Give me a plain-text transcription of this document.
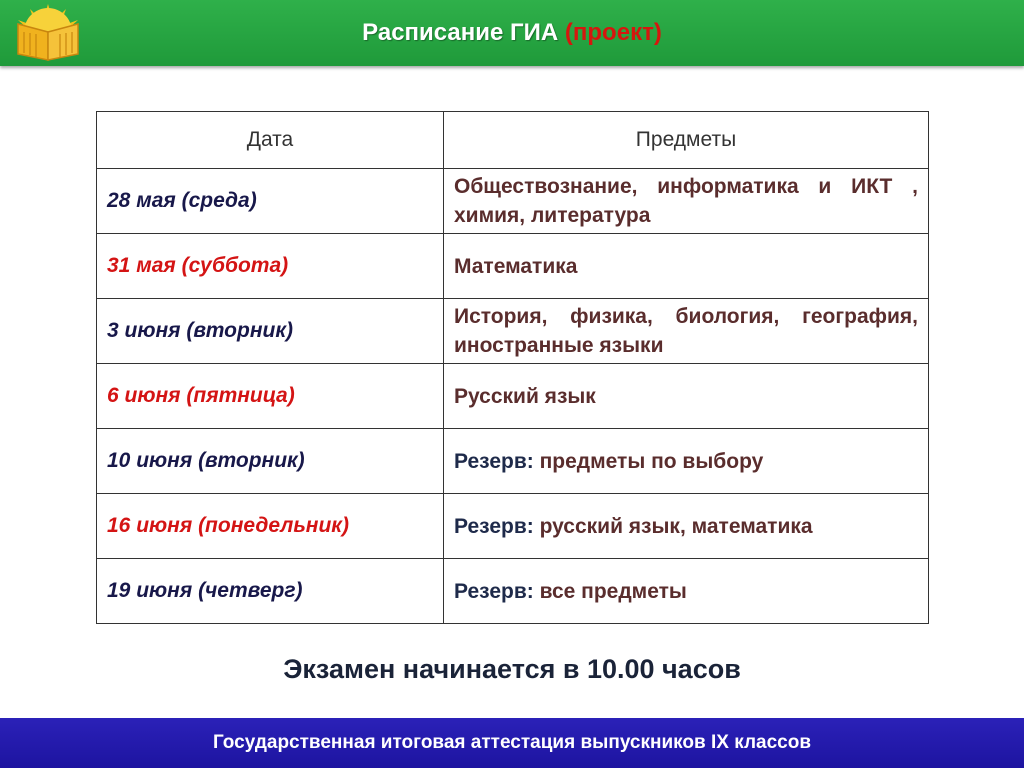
Расписание ГИА (проект)
Дата	Предметы
28 мая (среда)	Обществознание, информатика и ИКТ , химия, литература
31 мая (суббота)	Математика
3 июня (вторник)	История, физика, биология, география, иностранные языки
6 июня (пятница)	Русский язык
10 июня (вторник)	Резерв: предметы по выбору
16 июня (понедельник)	Резерв: русский язык, математика
19 июня (четверг)	Резерв: все предметы
Экзамен начинается в 10.00 часов
Государственная итоговая аттестация выпускников IX классов
